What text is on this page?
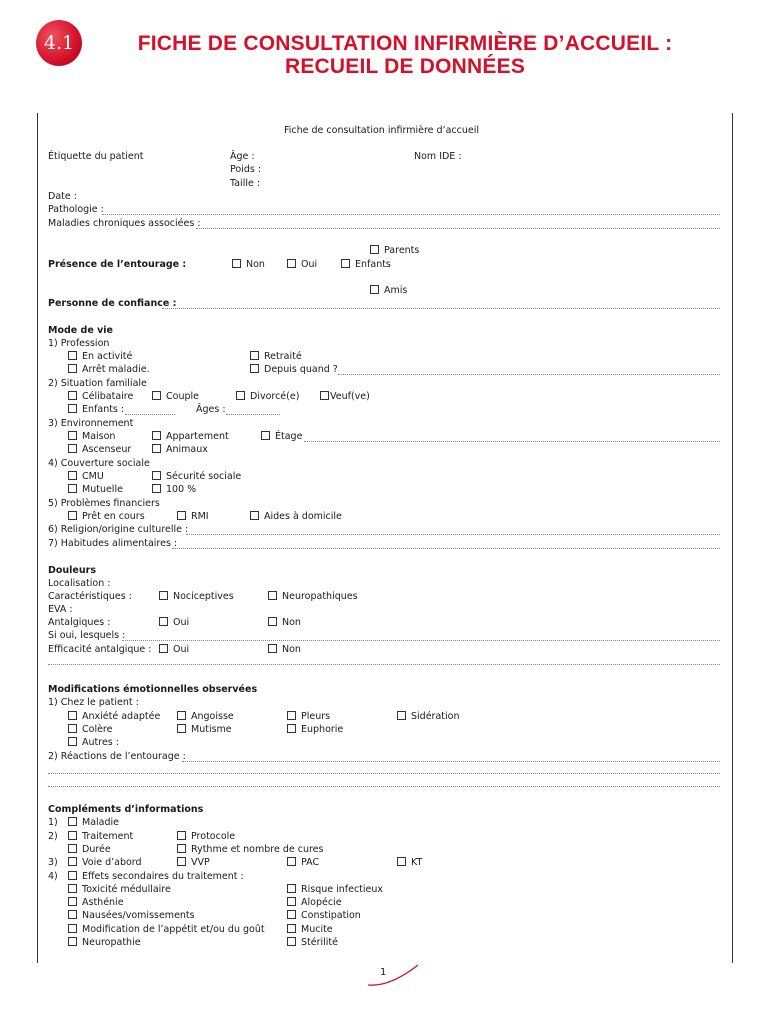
4.1	FICHE DE CONSULTATION INFIRMIÈRE D’ACCUEIL :
RECUEIL DE DONNÉES
Fiche de consultation infirmière d’accueil
Étiquette du patient	Âge :
Poids :
Taille :
Nom IDE :
Date :
Pathologie :
Maladies chroniques associées :
Parents
Présence de l’entourage :	Non	Oui	Enfants
Amis
Personne de confiance :
Mode de vie
1) Profession
En activité	Retraité
Arrêt maladie.	Depuis quand ?
2) Situation familiale
Célibataire	Couple	Divorcé(e)	Veuf(ve)
Enfants :	Âges :
3) Environnement
Maison	Appartement	Étage
Ascenseur	Animaux
4) Couverture sociale
CMU	Sécurité sociale
Mutuelle	100 %
5) Problèmes financiers
Prêt en cours	RMI	Aides à domicile
6) Religion/origine culturelle :
7) Habitudes alimentaires :
Douleurs
Localisation :
Caractéristiques :	Nociceptives	Neuropathiques
EVA :
Antalgiques :	Oui	Non
Si oui, lesquels :
Efficacité antalgique :	Oui	Non
Modifications émotionnelles observées
1) Chez le patient :
Anxiété adaptée	Angoisse	Pleurs	Sidération
Colère	Mutisme	Euphorie
Autres :
2) Réactions de l’entourage :
Compléments d’informations
1)	Maladie
2)	Traitement	Protocole
Durée	Rythme et nombre de cures
3)	Voie d’abord	VVP	PAC	KT
4)	Effets secondaires du traitement :
Toxicité médullaire	Risque infectieux
Asthénie	Alopécie
Nausées/vomissements	Constipation
Modification de l’appétit et/ou du goût	Mucite
Neuropathie	Stérilité
1
